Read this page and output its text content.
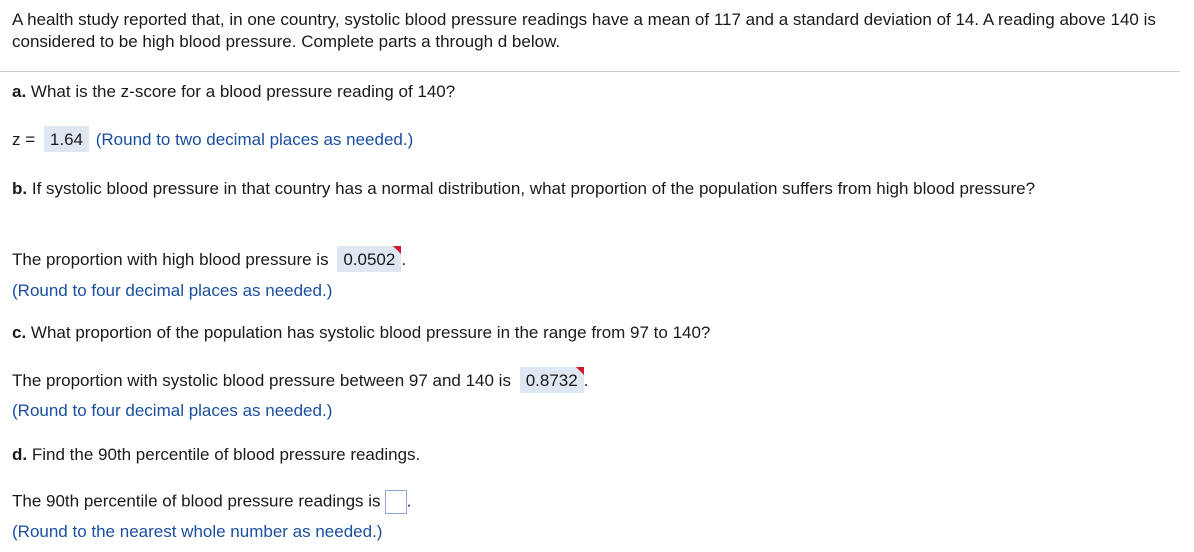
A health study reported that, in one country, systolic blood pressure readings have a mean of 117 and a standard deviation of 14. A reading above 140 is considered to be high blood pressure. Complete parts a through d below.
a. What is the z-score for a blood pressure reading of 140?
z = 1.64 (Round to two decimal places as needed.)
b. If systolic blood pressure in that country has a normal distribution, what proportion of the population suffers from high blood pressure?
The proportion with high blood pressure is 0.0502 .
(Round to four decimal places as needed.)
c. What proportion of the population has systolic blood pressure in the range from 97 to 140?
The proportion with systolic blood pressure between 97 and 140 is 0.8732 .
(Round to four decimal places as needed.)
d. Find the 90th percentile of blood pressure readings.
The 90th percentile of blood pressure readings is .
(Round to the nearest whole number as needed.)
